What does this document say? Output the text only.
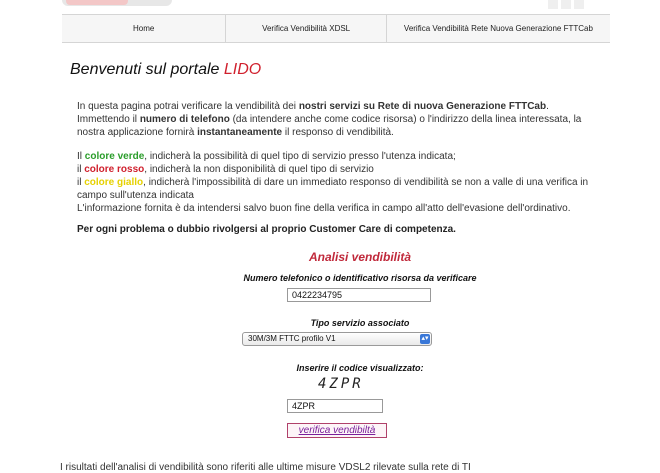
Home	Verifica Vendibilità XDSL	Verifica Vendibilità Rete Nuova Generazione FTTCab
Benvenuti sul portale LIDO

In questa pagina potrai verificare la vendibilità dei nostri servizi su Rete di nuova Generazione FTTCab.
Immettendo il numero di telefono (da intendere anche come codice risorsa) o l'indirizzo della linea interessata, la nostra applicazione fornirà instantaneamente il responso di vendibilità.

Il colore verde, indicherà la possibilità di quel tipo di servizio presso l'utenza indicata;

il colore rosso, indicherà la non disponibilità di quel tipo di servizio

il colore giallo, indicherà l'impossibilità di dare un immediato responso di vendibilità se non a valle di una verifica in campo sull'utenza indicata

L'informazione fornita è da intendersi salvo buon fine della verifica in campo all'atto dell'evasione dell'ordinativo.

Per ogni problema o dubbio rivolgersi al proprio Customer Care di competenza.
Analisi vendibilità
Numero telefonico o identificativo risorsa da verificare
0422234795
Tipo servizio associato
30M/3M FTTC profilo V1	▴▾
Inserire il codice visualizzato:
4ZPR
4ZPR
verifica vendibiltà
I risultati dell'analisi di vendibilità sono riferiti alle ultime misure VDSL2 rilevate sulla rete di TI
